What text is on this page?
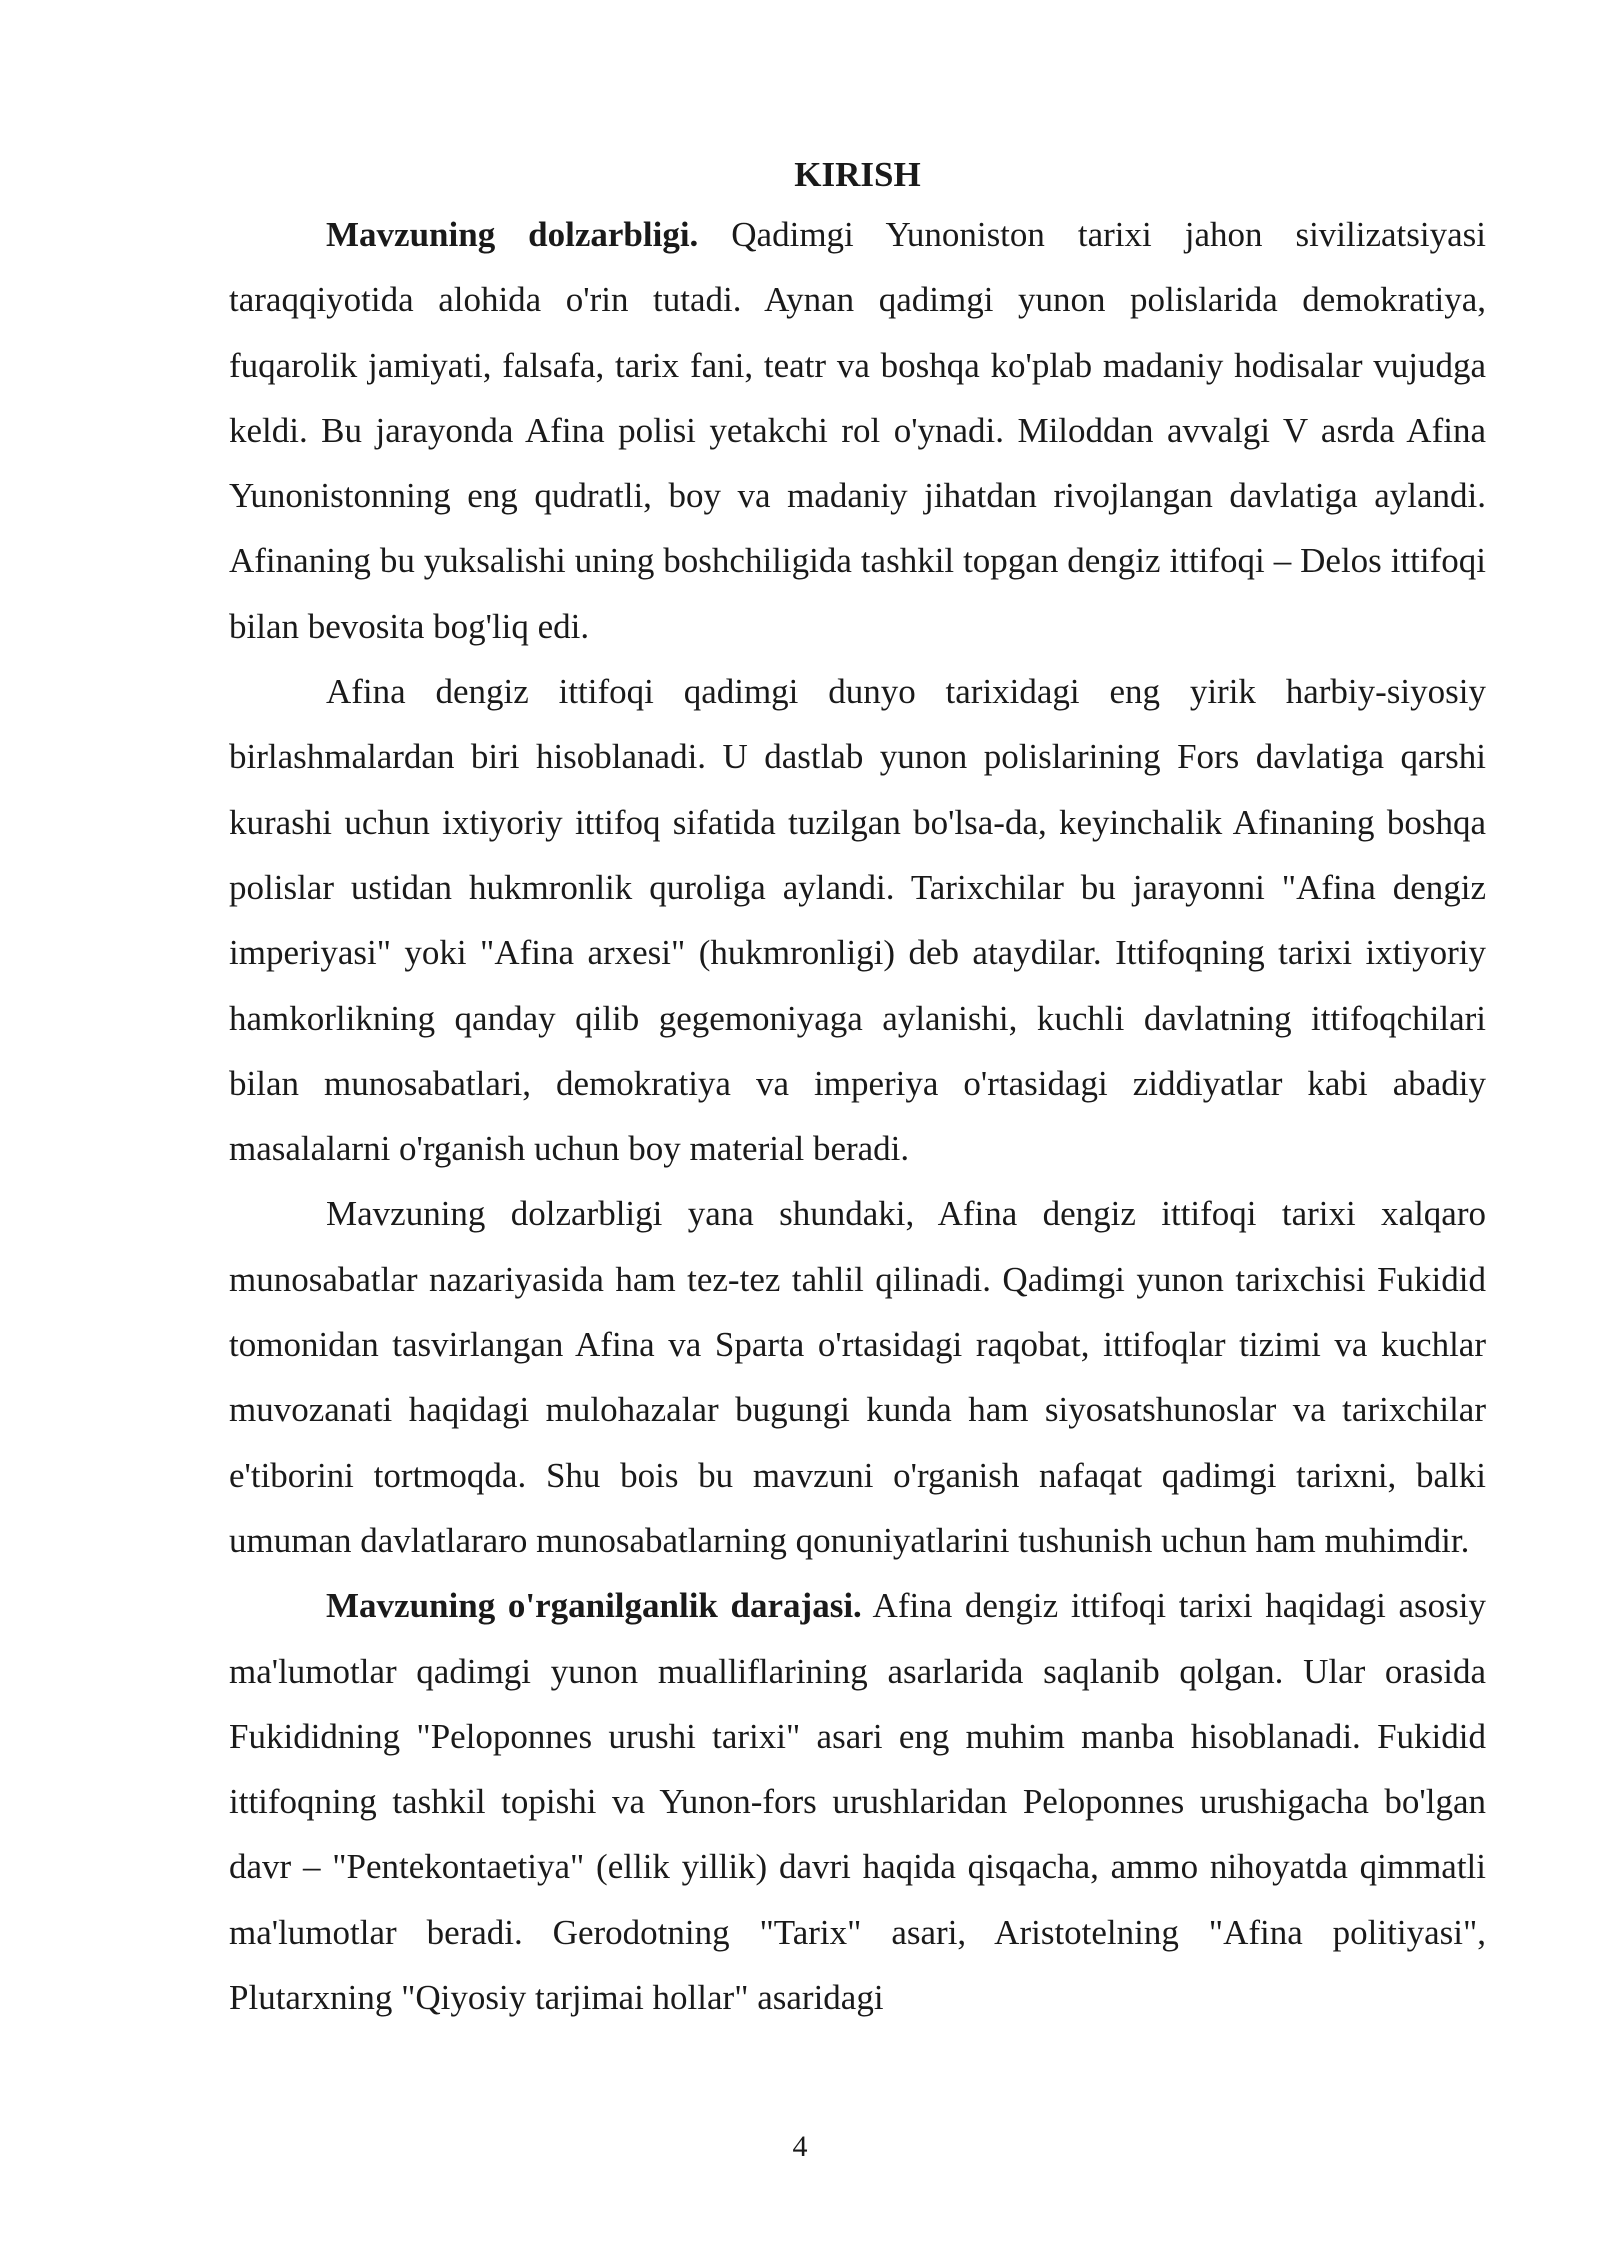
KIRISH

Mavzuning dolzarbligi. Qadimgi Yunoniston tarixi jahon sivilizatsiyasi taraqqiyotida alohida o'rin tutadi. Aynan qadimgi yunon polislarida demokratiya, fuqarolik jamiyati, falsafa, tarix fani, teatr va boshqa ko'plab madaniy hodisalar vujudga keldi. Bu jarayonda Afina polisi yetakchi rol o'ynadi. Miloddan avvalgi V asrda Afina Yunonistonning eng qudratli, boy va madaniy jihatdan rivojlangan davlatiga aylandi. Afinaning bu yuksalishi uning boshchiligida tashkil topgan dengiz ittifoqi – Delos ittifoqi bilan bevosita bog'liq edi.

Afina dengiz ittifoqi qadimgi dunyo tarixidagi eng yirik harbiy-siyosiy birlashmalardan biri hisoblanadi. U dastlab yunon polislarining Fors davlatiga qarshi kurashi uchun ixtiyoriy ittifoq sifatida tuzilgan bo'lsa-da, keyinchalik Afinaning boshqa polislar ustidan hukmronlik quroliga aylandi. Tarixchilar bu jarayonni "Afina dengiz imperiyasi" yoki "Afina arxesi" (hukmronligi) deb ataydilar. Ittifoqning tarixi ixtiyoriy hamkorlikning qanday qilib gegemoniyaga aylanishi, kuchli davlatning ittifoqchilari bilan munosabatlari, demokratiya va imperiya o'rtasidagi ziddiyatlar kabi abadiy masalalarni o'rganish uchun boy material beradi.

Mavzuning dolzarbligi yana shundaki, Afina dengiz ittifoqi tarixi xalqaro munosabatlar nazariyasida ham tez-tez tahlil qilinadi. Qadimgi yunon tarixchisi Fukidid tomonidan tasvirlangan Afina va Sparta o'rtasidagi raqobat, ittifoqlar tizimi va kuchlar muvozanati haqidagi mulohazalar bugungi kunda ham siyosatshunoslar va tarixchilar e'tiborini tortmoqda. Shu bois bu mavzuni o'rganish nafaqat qadimgi tarixni, balki umuman davlatlararo munosabatlarning qonuniyatlarini tushunish uchun ham muhimdir.

Mavzuning o'rganilganlik darajasi. Afina dengiz ittifoqi tarixi haqidagi asosiy ma'lumotlar qadimgi yunon mualliflarining asarlarida saqlanib qolgan. Ular orasida Fukididning "Peloponnes urushi tarixi" asari eng muhim manba hisoblanadi. Fukidid ittifoqning tashkil topishi va Yunon-fors urushlaridan Peloponnes urushigacha bo'lgan davr – "Pentekontaetiya" (ellik yillik) davri haqida qisqacha, ammo nihoyatda qimmatli ma'lumotlar beradi. Gerodotning "Tarix" asari, Aristotelning "Afina politiyasi", Plutarxning "Qiyosiy tarjimai hollar" asaridagi

4
